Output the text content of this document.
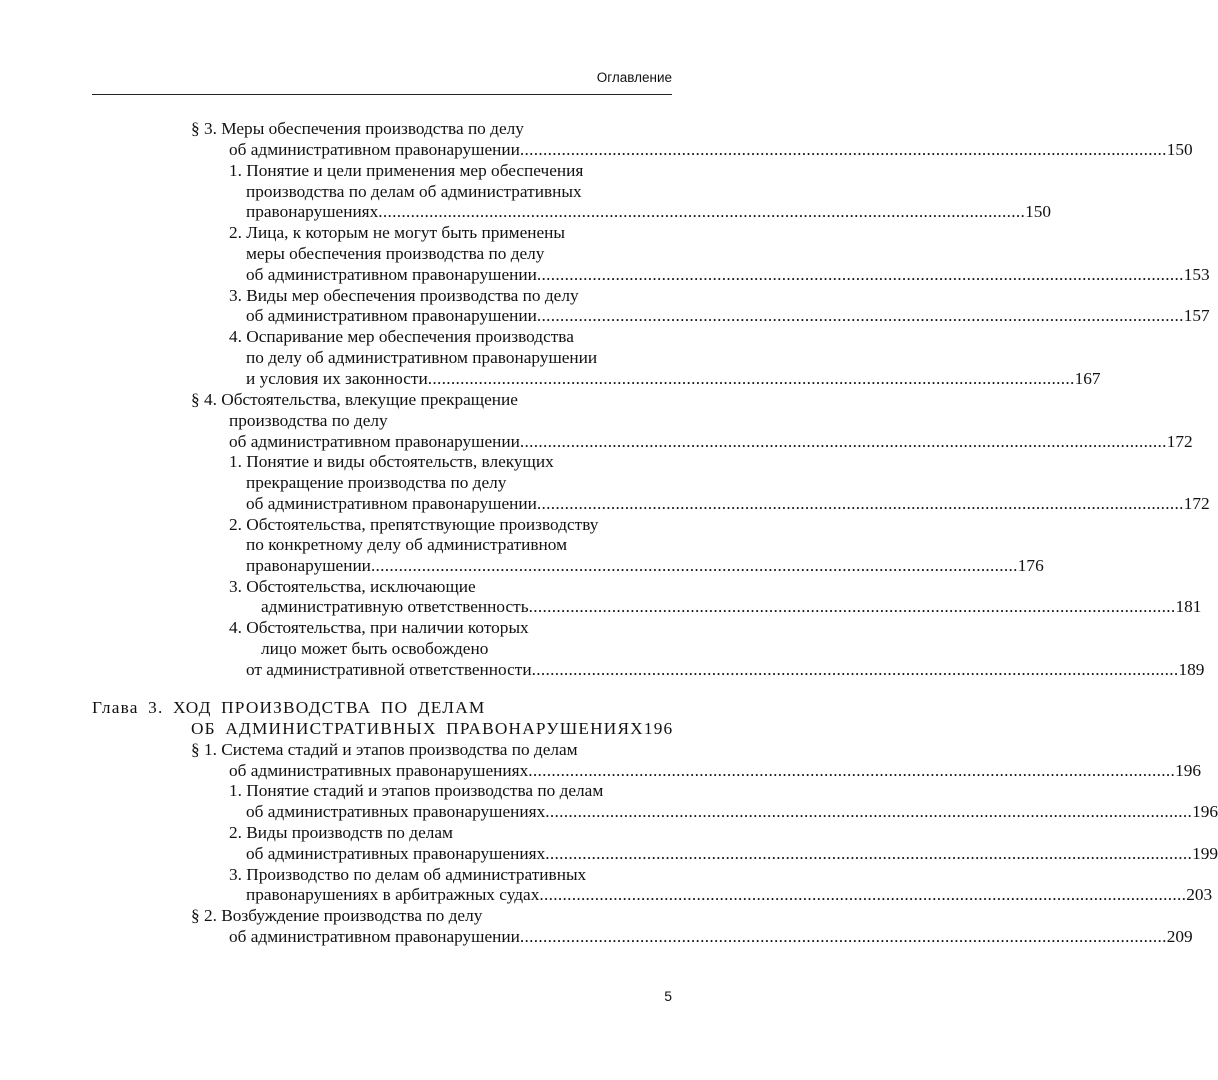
Оглавление
§ 3. Меры обеспечения производства по делу
об административном правонарушении ............................................................................................................................................ 150
1. Понятие и цели применения мер обеспечения
производства по делам об административных
правонарушениях ............................................................................................................................................ 150
2. Лица, к которым не могут быть применены
меры обеспечения производства по делу
об административном правонарушении ............................................................................................................................................ 153
3. Виды мер обеспечения производства по делу
об административном правонарушении ............................................................................................................................................ 157
4. Оспаривание мер обеспечения производства
по делу об административном правонарушении
и условия их законности ............................................................................................................................................ 167
§ 4. Обстоятельства, влекущие прекращение
производства по делу
об административном правонарушении ............................................................................................................................................ 172
1. Понятие и виды обстоятельств, влекущих
прекращение производства по делу
об административном правонарушении ............................................................................................................................................ 172
2. Обстоятельства, препятствующие производству
по конкретному делу об административном
правонарушении ............................................................................................................................................ 176
3. Обстоятельства, исключающие
административную ответственность ............................................................................................................................................ 181
4. Обстоятельства, при наличии которых
лицо может быть освобождено
от административной ответственности ............................................................................................................................................ 189
Глава 3. ХОД ПРОИЗВОДСТВА ПО ДЕЛАМ
ОБ АДМИНИСТРАТИВНЫХ ПРАВОНАРУШЕНИЯХ 196
§ 1. Система стадий и этапов производства по делам
об административных правонарушениях ............................................................................................................................................ 196
1. Понятие стадий и этапов производства по делам
об административных правонарушениях ............................................................................................................................................ 196
2. Виды производств по делам
об административных правонарушениях ............................................................................................................................................ 199
3. Производство по делам об административных
правонарушениях в арбитражных судах ............................................................................................................................................ 203
§ 2. Возбуждение производства по делу
об административном правонарушении ............................................................................................................................................ 209
5
